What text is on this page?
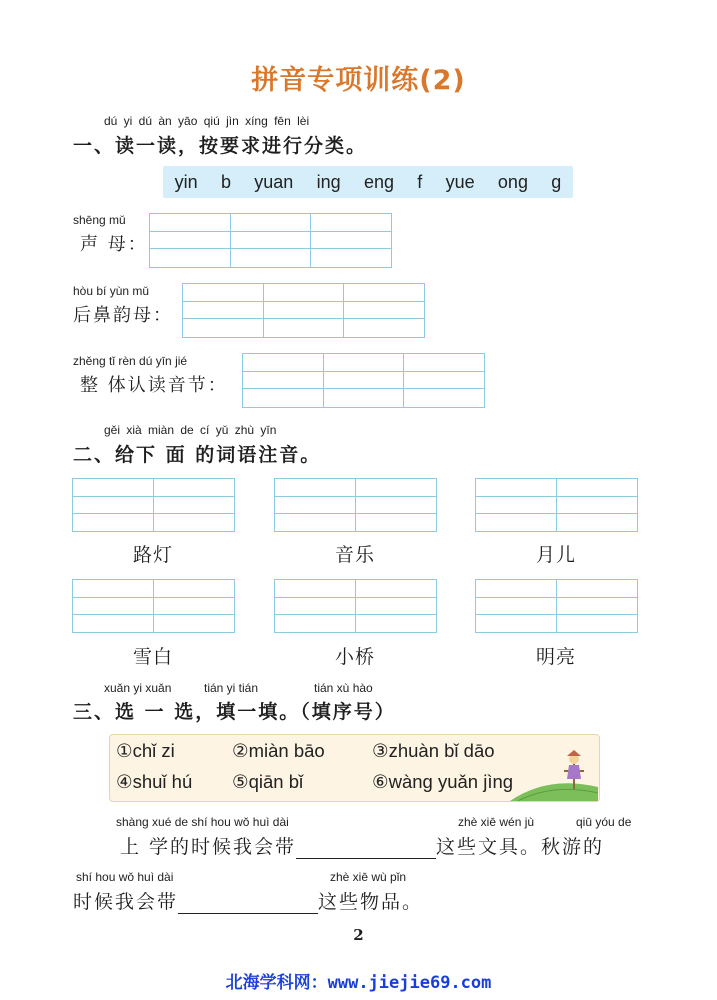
拼音专项训练(2)
dú yi dú àn yāo qiú jìn xíng fēn lèi
一、读一读，按要求进行分类。
yin b yuan ing eng f yue ong g
shēng mǔ
声 母：
hòu bí yùn mǔ
后鼻韵母：
zhěng tǐ rèn dú yīn jié
整 体认读音节：
gěi xià miàn de cí yǔ zhù yīn
二、给下 面 的词语注音。
路灯	音乐	月儿
雪白	小桥	明亮
xuǎn yi xuǎn	tián yi tián	tián xù hào
三、选 一 选，填一填。（填序号）
①chǐ zi	②miàn bāo	③zhuàn bǐ dāo
④shuǐ hú ⑤qiān bǐ	⑥wàng yuǎn jìng
shàng xué de shí hou wǒ huì dài	zhè xiē wén jù	qiū yóu de
上 学的时候我会带	这些文具。秋游的
shí hou wǒ huì dài	zhè xiē wù pǐn
时候我会带	这些物品。
2
北海学科网：www.jiejie69.com
